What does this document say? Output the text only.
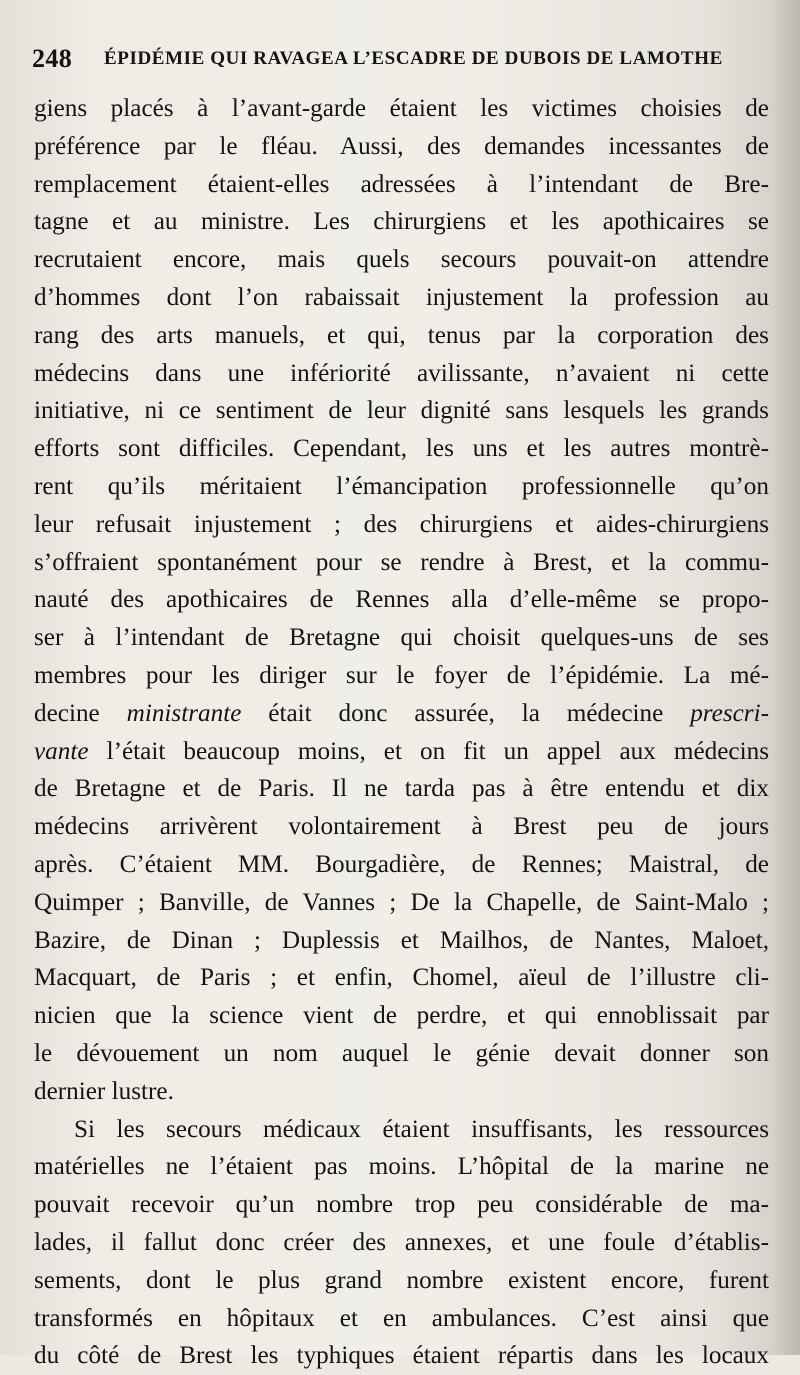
248 ÉPIDÉMIE QUI RAVAGEA L’ESCADRE DE DUBOIS DE LAMOTHE
giens placés à l’avant-garde étaient les victimes choisies de
préférence par le fléau. Aussi, des demandes incessantes de
remplacement étaient-elles adressées à l’intendant de Bre-
tagne et au ministre. Les chirurgiens et les apothicaires se
recrutaient encore, mais quels secours pouvait-on attendre
d’hommes dont l’on rabaissait injustement la profession au
rang des arts manuels, et qui, tenus par la corporation des
médecins dans une infériorité avilissante, n’avaient ni cette
initiative, ni ce sentiment de leur dignité sans lesquels les grands
efforts sont difficiles. Cependant, les uns et les autres montrè-
rent qu’ils méritaient l’émancipation professionnelle qu’on
leur refusait injustement ; des chirurgiens et aides-chirurgiens
s’offraient spontanément pour se rendre à Brest, et la commu-
nauté des apothicaires de Rennes alla d’elle-même se propo-
ser à l’intendant de Bretagne qui choisit quelques-uns de ses
membres pour les diriger sur le foyer de l’épidémie. La mé-
decine ministrante était donc assurée, la médecine prescri-
vante l’était beaucoup moins, et on fit un appel aux médecins
de Bretagne et de Paris. Il ne tarda pas à être entendu et dix
médecins arrivèrent volontairement à Brest peu de jours
après. C’étaient MM. Bourgadière, de Rennes; Maistral, de
Quimper ; Banville, de Vannes ; De la Chapelle, de Saint-Malo ;
Bazire, de Dinan ; Duplessis et Mailhos, de Nantes, Maloet,
Macquart, de Paris ; et enfin, Chomel, aïeul de l’illustre cli-
nicien que la science vient de perdre, et qui ennoblissait par
le dévouement un nom auquel le génie devait donner son
dernier lustre.
Si les secours médicaux étaient insuffisants, les ressources
matérielles ne l’étaient pas moins. L’hôpital de la marine ne
pouvait recevoir qu’un nombre trop peu considérable de ma-
lades, il fallut donc créer des annexes, et une foule d’établis-
sements, dont le plus grand nombre existent encore, furent
transformés en hôpitaux et en ambulances. C’est ainsi que
du côté de Brest les typhiques étaient répartis dans les locaux
